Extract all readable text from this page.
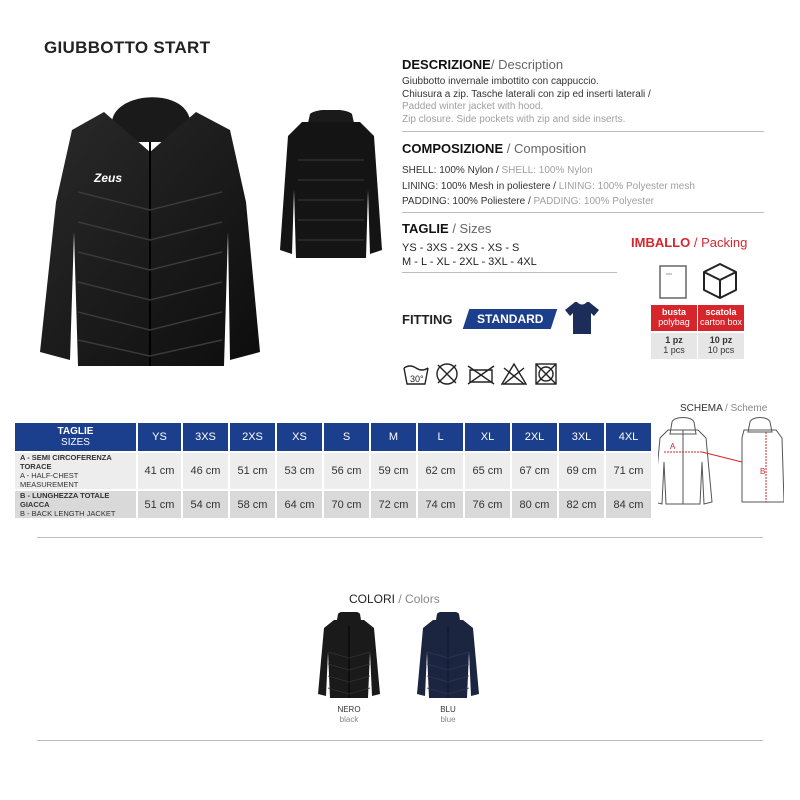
GIUBBOTTO START
Zeus
DESCRIZIONE/ Description
Giubbotto invernale imbottito con cappuccio.
Chiusura a zip. Tasche laterali con zip ed inserti laterali /
Padded winter jacket with hood.
Zip closure. Side pockets with zip and side inserts.
COMPOSIZIONE / Composition
SHELL: 100% Nylon / SHELL: 100% Nylon
LINING: 100% Mesh in poliestere / LINING: 100% Polyester mesh
PADDING: 100% Poliestere / PADDING: 100% Polyester
TAGLIE / Sizes
YS - 3XS - 2XS - XS - S
M - L - XL - 2XL - 3XL - 4XL
IMBALLO / Packing
busta
polybag
1 pz
1 pcs
scatola
carton box
10 pz
10 pcs
FITTING	STANDARD
30°
SCHEMA / Scheme
TAGLIE
SIZES	YS	3XS	2XS	XS	S	M	L	XL	2XL	3XL	4XL
A - SEMI CIRCOFERENZA TORACE
A - HALF-CHEST MEASUREMENT	41 cm	46 cm	51 cm	53 cm	56 cm	59 cm	62 cm	65 cm	67 cm	69 cm	71 cm
B - LUNGHEZZA TOTALE GIACCA
B - BACK LENGTH JACKET	51 cm	54 cm	58 cm	64 cm	70 cm	72 cm	74 cm	76 cm	80 cm	82 cm	84 cm
A
B
COLORI / Colors
NERO
black
BLU
blue
